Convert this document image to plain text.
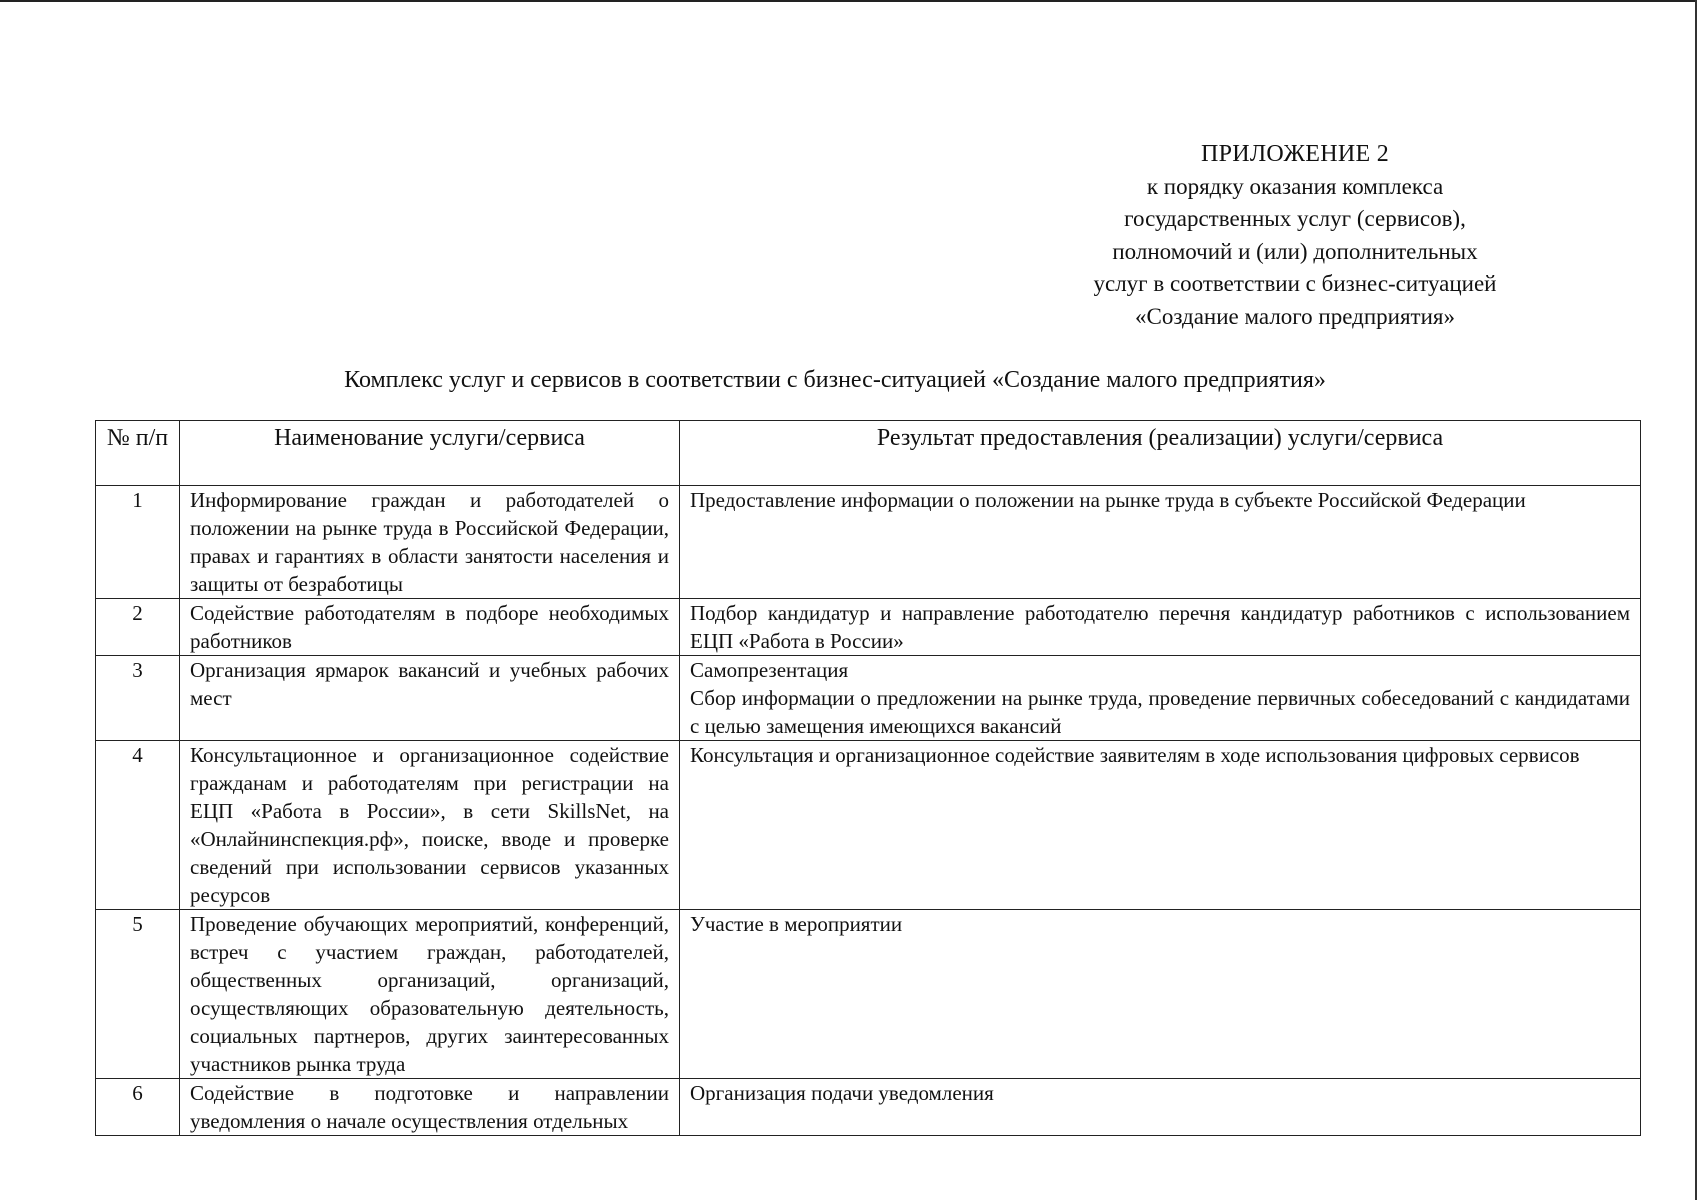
ПРИЛОЖЕНИЕ 2
к порядку оказания комплекса
государственных услуг (сервисов),
полномочий и (или) дополнительных
услуг в соответствии с бизнес-ситуацией
«Создание малого предприятия»
Комплекс услуг и сервисов в соответствии с бизнес-ситуацией «Создание малого предприятия»
№ п/п	Наименование услуги/сервиса	Результат предоставления (реализации) услуги/сервиса
1	Информирование граждан и работодателей о положении на рынке труда в Российской Федерации, правах и гарантиях в области занятости населения и защиты от безработицы	Предоставление информации о положении на рынке труда в субъекте Российской Федерации

2	Содействие работодателям в подборе необходимых работников	Подбор кандидатур и направление работодателю перечня кандидатур работников с использованием ЕЦП «Работа в России»

3	Организация ярмарок вакансий и учебных рабочих мест	Самопрезентация
Сбор информации о предложении на рынке труда, проведение первичных собеседований с кандидатами с целью замещения имеющихся вакансий

4	Консультационное и организационное содействие гражданам и работодателям при регистрации на ЕЦП «Работа в России», в сети SkillsNet, на «Онлайнинспекция.рф», поиске, вводе и проверке сведений при использовании сервисов указанных ресурсов	Консультация и организационное содействие заявителям в ходе использования цифровых сервисов

5	Проведение обучающих мероприятий, конференций, встреч с участием граждан, работодателей, общественных организаций, организаций, осуществляющих образовательную деятельность, социальных партнеров, других заинтересованных участников рынка труда	Участие в мероприятии

6	Содействие в подготовке и направлении уведомления о начале осуществления отдельных	Организация подачи уведомления
